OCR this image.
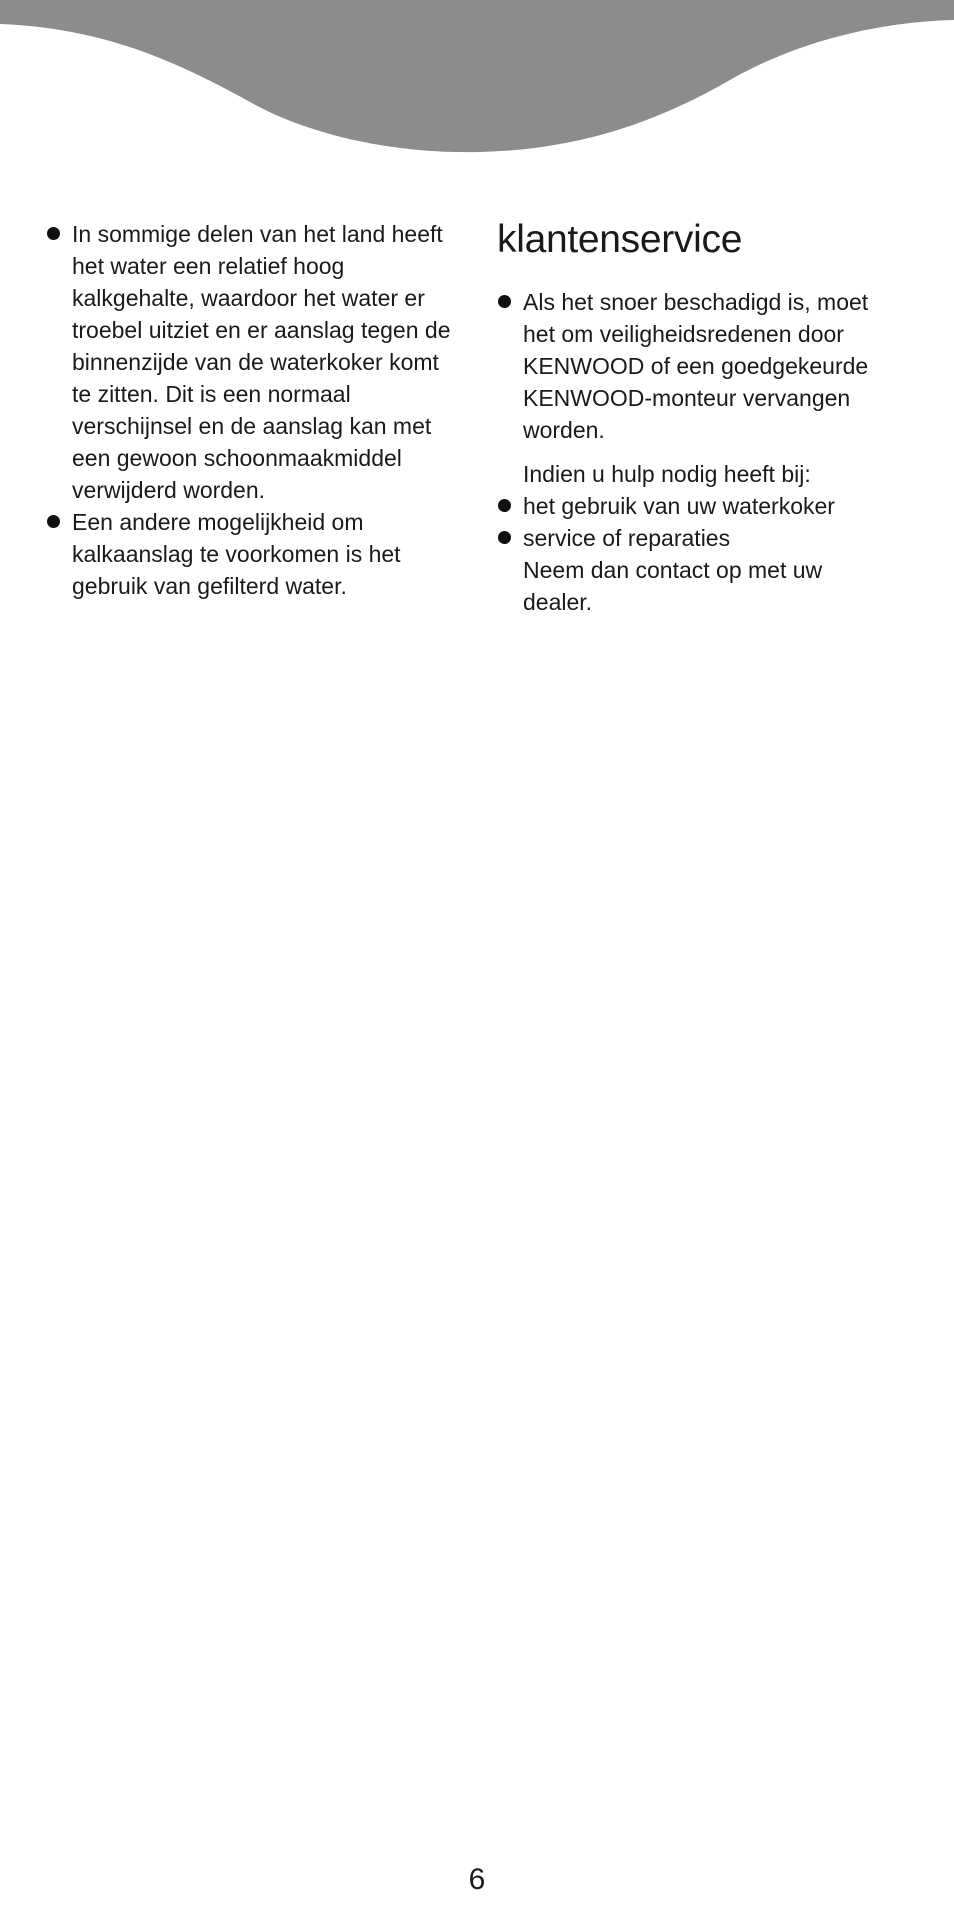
In sommige delen van het land heeft
het water een relatief hoog
kalkgehalte, waardoor het water er
troebel uitziet en er aanslag tegen de
binnenzijde van de waterkoker komt
te zitten. Dit is een normaal
verschijnsel en de aanslag kan met
een gewoon schoonmaakmiddel
verwijderd worden.
Een andere mogelijkheid om
kalkaanslag te voorkomen is het
gebruik van gefilterd water.
klantenservice
Als het snoer beschadigd is, moet
het om veiligheidsredenen door
KENWOOD of een goedgekeurde
KENWOOD-monteur vervangen
worden.

Indien u hulp nodig heeft bij:

het gebruik van uw waterkoker
service of reparaties
Neem dan contact op met uw
dealer.
6
